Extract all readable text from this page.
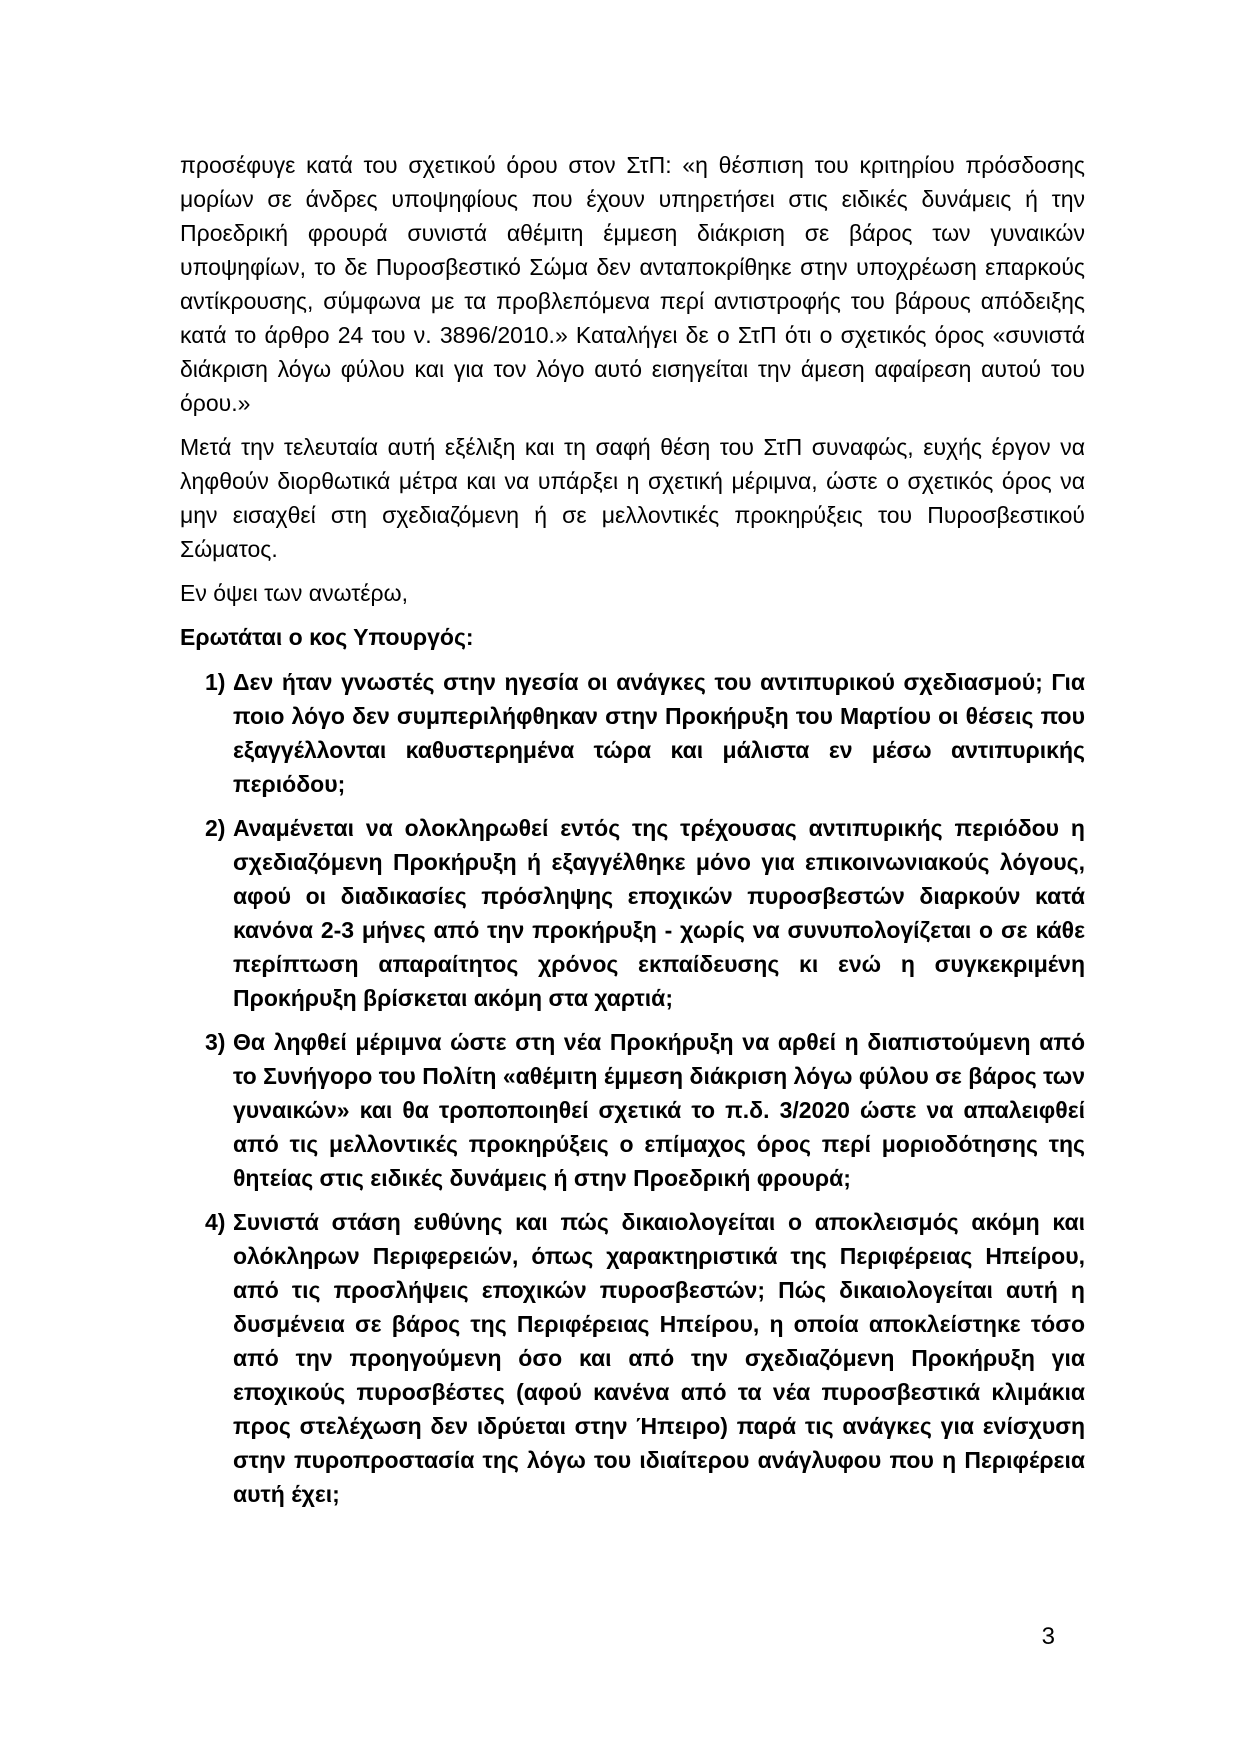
προσέφυγε κατά του σχετικού όρου στον ΣτΠ: «η θέσπιση του κριτηρίου πρόσδοσης μορίων σε άνδρες υποψηφίους που έχουν υπηρετήσει στις ειδικές δυνάμεις ή την Προεδρική φρουρά συνιστά αθέμιτη έμμεση διάκριση σε βάρος των γυναικών υποψηφίων, το δε Πυροσβεστικό Σώμα δεν ανταποκρίθηκε στην υποχρέωση επαρκούς αντίκρουσης, σύμφωνα με τα προβλεπόμενα περί αντιστροφής του βάρους απόδειξης κατά το άρθρο 24 του ν. 3896/2010.» Καταλήγει δε ο ΣτΠ ότι ο σχετικός όρος «συνιστά διάκριση λόγω φύλου και για τον λόγο αυτό εισηγείται την άμεση αφαίρεση αυτού του όρου.»

Μετά την τελευταία αυτή εξέλιξη και τη σαφή θέση του ΣτΠ συναφώς, ευχής έργον να ληφθούν διορθωτικά μέτρα και να υπάρξει η σχετική μέριμνα, ώστε ο σχετικός όρος να μην εισαχθεί στη σχεδιαζόμενη ή σε μελλοντικές προκηρύξεις του Πυροσβεστικού Σώματος.

Εν όψει των ανωτέρω,

Ερωτάται ο κος Υπουργός:
1) Δεν ήταν γνωστές στην ηγεσία οι ανάγκες του αντιπυρικού σχεδιασμού; Για ποιο λόγο δεν συμπεριλήφθηκαν στην Προκήρυξη του Μαρτίου οι θέσεις που εξαγγέλλονται καθυστερημένα τώρα και μάλιστα εν μέσω αντιπυρικής περιόδου;
2) Αναμένεται να ολοκληρωθεί εντός της τρέχουσας αντιπυρικής περιόδου η σχεδιαζόμενη Προκήρυξη ή εξαγγέλθηκε μόνο για επικοινωνιακούς λόγους, αφού οι διαδικασίες πρόσληψης εποχικών πυροσβεστών διαρκούν κατά κανόνα 2-3 μήνες από την προκήρυξη - χωρίς να συνυπολογίζεται ο σε κάθε περίπτωση απαραίτητος χρόνος εκπαίδευσης κι ενώ η συγκεκριμένη Προκήρυξη βρίσκεται ακόμη στα χαρτιά;
3) Θα ληφθεί μέριμνα ώστε στη νέα Προκήρυξη να αρθεί η διαπιστούμενη από το Συνήγορο του Πολίτη «αθέμιτη έμμεση διάκριση λόγω φύλου σε βάρος των γυναικών» και θα τροποποιηθεί σχετικά το π.δ. 3/2020 ώστε να απαλειφθεί από τις μελλοντικές προκηρύξεις ο επίμαχος όρος περί μοριοδότησης της θητείας στις ειδικές δυνάμεις ή στην Προεδρική φρουρά;
4) Συνιστά στάση ευθύνης και πώς δικαιολογείται ο αποκλεισμός ακόμη και ολόκληρων Περιφερειών, όπως χαρακτηριστικά της Περιφέρειας Ηπείρου, από τις προσλήψεις εποχικών πυροσβεστών; Πώς δικαιολογείται αυτή η δυσμένεια σε βάρος της Περιφέρειας Ηπείρου, η οποία αποκλείστηκε τόσο από την προηγούμενη όσο και από την σχεδιαζόμενη Προκήρυξη για εποχικούς πυροσβέστες (αφού κανένα από τα νέα πυροσβεστικά κλιμάκια προς στελέχωση δεν ιδρύεται στην Ήπειρο) παρά τις ανάγκες για ενίσχυση στην πυροπροστασία της λόγω του ιδιαίτερου ανάγλυφου που η Περιφέρεια αυτή έχει;
3
